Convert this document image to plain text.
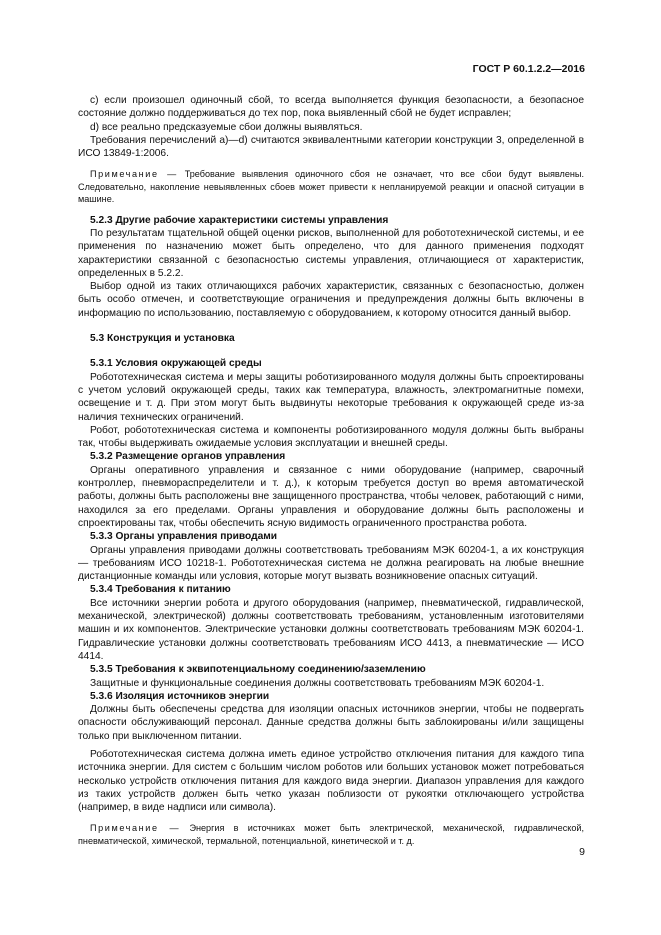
ГОСТ Р 60.1.2.2—2016

c) если произошел одиночный сбой, то всегда выполняется функция безопасности, а безопасное состояние должно поддерживаться до тех пор, пока выявленный сбой не будет исправлен;

d) все реально предсказуемые сбои должны выявляться.

Требования перечислений a)—d) считаются эквивалентными категории конструкции 3, определенной в ИСО 13849-1:2006.

Примечание — Требование выявления одиночного сбоя не означает, что все сбои будут выявлены. Следовательно, накопление невыявленных сбоев может привести к непланируемой реакции и опасной ситуации в машине.

5.2.3 Другие рабочие характеристики системы управления

По результатам тщательной общей оценки рисков, выполненной для робототехнической системы, и ее применения по назначению может быть определено, что для данного применения подходят характеристики связанной с безопасностью системы управления, отличающиеся от характеристик, определенных в 5.2.2.

Выбор одной из таких отличающихся рабочих характеристик, связанных с безопасностью, должен быть особо отмечен, и соответствующие ограничения и предупреждения должны быть включены в информацию по использованию, поставляемую с оборудованием, к которому относится данный выбор.

5.3 Конструкция и установка

5.3.1 Условия окружающей среды

Робототехническая система и меры защиты роботизированного модуля должны быть спроектированы с учетом условий окружающей среды, таких как температура, влажность, электромагнитные помехи, освещение и т. д. При этом могут быть выдвинуты некоторые требования к окружающей среде из-за наличия технических ограничений.

Робот, робототехническая система и компоненты роботизированного модуля должны быть выбраны так, чтобы выдерживать ожидаемые условия эксплуатации и внешней среды.

5.3.2 Размещение органов управления

Органы оперативного управления и связанное с ними оборудование (например, сварочный контроллер, пневмораспределители и т. д.), к которым требуется доступ во время автоматической работы, должны быть расположены вне защищенного пространства, чтобы человек, работающий с ними, находился за его пределами. Органы управления и оборудование должны быть расположены и спроектированы так, чтобы обеспечить ясную видимость ограниченного пространства робота.

5.3.3 Органы управления приводами

Органы управления приводами должны соответствовать требованиям МЭК 60204-1, а их конструкция — требованиям ИСО 10218-1. Робототехническая система не должна реагировать на любые внешние дистанционные команды или условия, которые могут вызвать возникновение опасных ситуаций.

5.3.4 Требования к питанию

Все источники энергии робота и другого оборудования (например, пневматической, гидравлической, механической, электрической) должны соответствовать требованиям, установленным изготовителями машин и их компонентов. Электрические установки должны соответствовать требованиям МЭК 60204-1. Гидравлические установки должны соответствовать требованиям ИСО 4413, а пневматические — ИСО 4414.

5.3.5 Требования к эквипотенциальному соединению/заземлению

Защитные и функциональные соединения должны соответствовать требованиям МЭК 60204-1.

5.3.6 Изоляция источников энергии

Должны быть обеспечены средства для изоляции опасных источников энергии, чтобы не подвергать опасности обслуживающий персонал. Данные средства должны быть заблокированы и/или защищены только при выключенном питании.

Робототехническая система должна иметь единое устройство отключения питания для каждого типа источника энергии. Для систем с большим числом роботов или больших установок может потребоваться несколько устройств отключения питания для каждого вида энергии. Диапазон управления для каждого из таких устройств должен быть четко указан поблизости от рукоятки отключающего устройства (например, в виде надписи или символа).

Примечание — Энергия в источниках может быть электрической, механической, гидравлической, пневматической, химической, термальной, потенциальной, кинетической и т. д.

9
